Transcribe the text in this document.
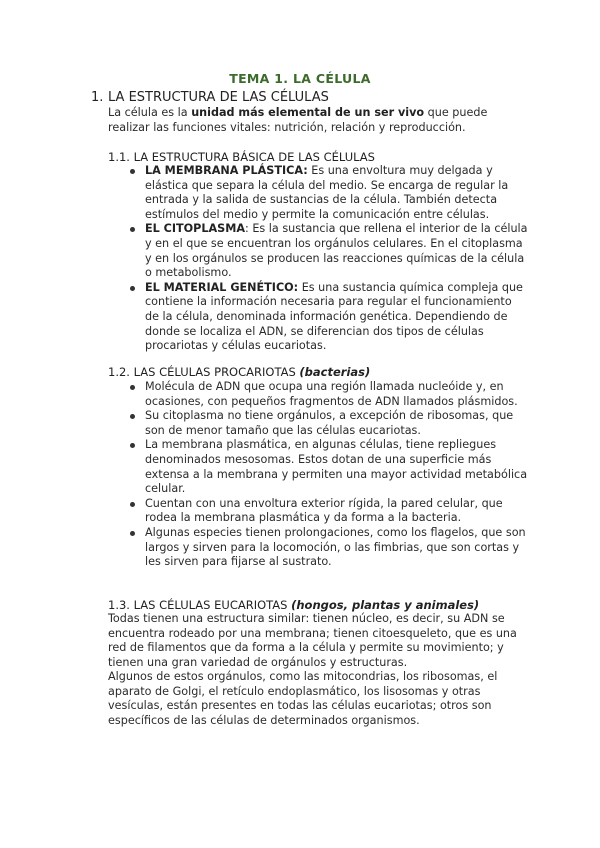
TEMA 1. LA CÉLULA
1. LA ESTRUCTURA DE LAS CÉLULAS
La célula es la unidad más elemental de un ser vivo que puede realizar las funciones vitales: nutrición, relación y reproducción.
1.1. LA ESTRUCTURA BÁSICA DE LAS CÉLULAS
LA MEMBRANA PLÁSTICA: Es una envoltura muy delgada y elástica que separa la célula del medio. Se encarga de regular la entrada y la salida de sustancias de la célula. También detecta estímulos del medio y permite la comunicación entre células.
EL CITOPLASMA: Es la sustancia que rellena el interior de la célula y en el que se encuentran los orgánulos celulares. En el citoplasma y en los orgánulos se producen las reacciones químicas de la célula o metabolismo.
EL MATERIAL GENÉTICO: Es una sustancia química compleja que contiene la información necesaria para regular el funcionamiento de la célula, denominada información genética. Dependiendo de donde se localiza el ADN, se diferencian dos tipos de células procariotas y células eucariotas.
1.2. LAS CÉLULAS PROCARIOTAS (bacterias)
Molécula de ADN que ocupa una región llamada nucleóide y, en ocasiones, con pequeños fragmentos de ADN llamados plásmidos.
Su citoplasma no tiene orgánulos, a excepción de ribosomas, que son de menor tamaño que las células eucariotas.
La membrana plasmática, en algunas células, tiene repliegues denominados mesosomas. Estos dotan de una superficie más extensa a la membrana y permiten una mayor actividad metabólica celular.
Cuentan con una envoltura exterior rígida, la pared celular, que rodea la membrana plasmática y da forma a la bacteria.
Algunas especies tienen prolongaciones, como los flagelos, que son largos y sirven para la locomoción, o las fimbrias, que son cortas y les sirven para fijarse al sustrato.
1.3. LAS CÉLULAS EUCARIOTAS (hongos, plantas y animales)
Todas tienen una estructura similar: tienen núcleo, es decir, su ADN se encuentra rodeado por una membrana; tienen citoesqueleto, que es una red de filamentos que da forma a la célula y permite su movimiento; y tienen una gran variedad de orgánulos y estructuras.
Algunos de estos orgánulos, como las mitocondrias, los ribosomas, el aparato de Golgi, el retículo endoplasmático, los lisosomas y otras vesículas, están presentes en todas las células eucariotas; otros son específicos de las células de determinados organismos.
